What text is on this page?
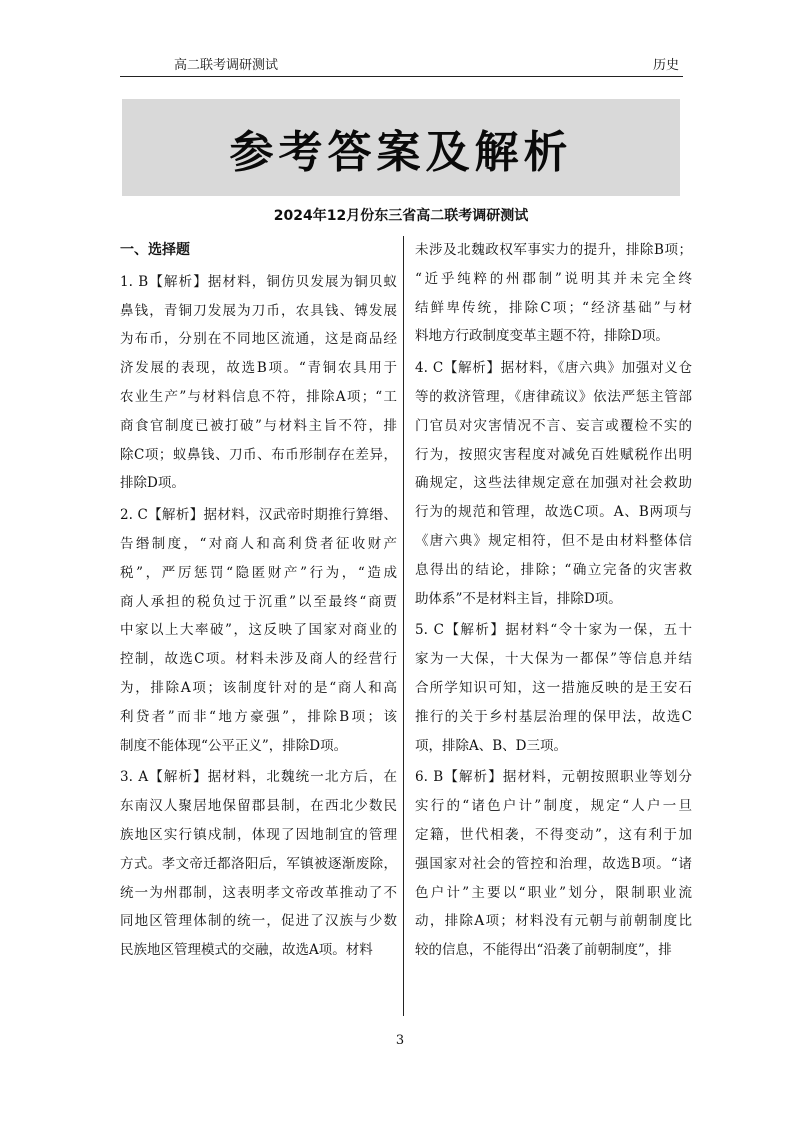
高二联考调研测试	历史
参考答案及解析
2024年12月份东三省高二联考调研测试
一、选择题
1. B【解析】据材料，铜仿贝发展为铜贝蚁
鼻钱，青铜刀发展为刀币，农具钱、镈发展
为布币，分别在不同地区流通，这是商品经
济发展的表现，故选B项。“青铜农具用于
农业生产”与材料信息不符，排除A项；“工
商食官制度已被打破”与材料主旨不符，排
除C项；蚁鼻钱、刀币、布币形制存在差异，
排除D项。
2. C【解析】据材料，汉武帝时期推行算缗、
告缗制度，“对商人和高利贷者征收财产
税”，严厉惩罚“隐匿财产”行为，“造成
商人承担的税负过于沉重”以至最终“商贾
中家以上大率破”，这反映了国家对商业的
控制，故选C项。材料未涉及商人的经营行
为，排除A项；该制度针对的是“商人和高
利贷者”而非“地方豪强”，排除B项；该
制度不能体现“公平正义”，排除D项。
3. A【解析】据材料，北魏统一北方后，在
东南汉人聚居地保留郡县制，在西北少数民
族地区实行镇戍制，体现了因地制宜的管理
方式。孝文帝迁都洛阳后，军镇被逐渐废除，
统一为州郡制，这表明孝文帝改革推动了不
同地区管理体制的统一，促进了汉族与少数
民族地区管理模式的交融，故选A项。材料
未涉及北魏政权军事实力的提升，排除B项；
“近乎纯粹的州郡制”说明其并未完全终
结鲜卑传统，排除C项；“经济基础”与材
料地方行政制度变革主题不符，排除D项。
4. C【解析】据材料，《唐六典》加强对义仓
等的救济管理，《唐律疏议》依法严惩主管部
门官员对灾害情况不言、妄言或覆检不实的
行为，按照灾害程度对减免百姓赋税作出明
确规定，这些法律规定意在加强对社会救助
行为的规范和管理，故选C项。A、B两项与
《唐六典》规定相符，但不是由材料整体信
息得出的结论，排除；“确立完备的灾害救
助体系”不是材料主旨，排除D项。
5. C【解析】据材料“令十家为一保，五十
家为一大保，十大保为一都保”等信息并结
合所学知识可知，这一措施反映的是王安石
推行的关于乡村基层治理的保甲法，故选C
项，排除A、B、D三项。
6. B【解析】据材料，元朝按照职业等划分
实行的“诸色户计”制度，规定“人户一旦
定籍，世代相袭，不得变动”，这有利于加
强国家对社会的管控和治理，故选B项。“诸
色户计”主要以“职业”划分，限制职业流
动，排除A项；材料没有元朝与前朝制度比
较的信息，不能得出“沿袭了前朝制度”，排
3
